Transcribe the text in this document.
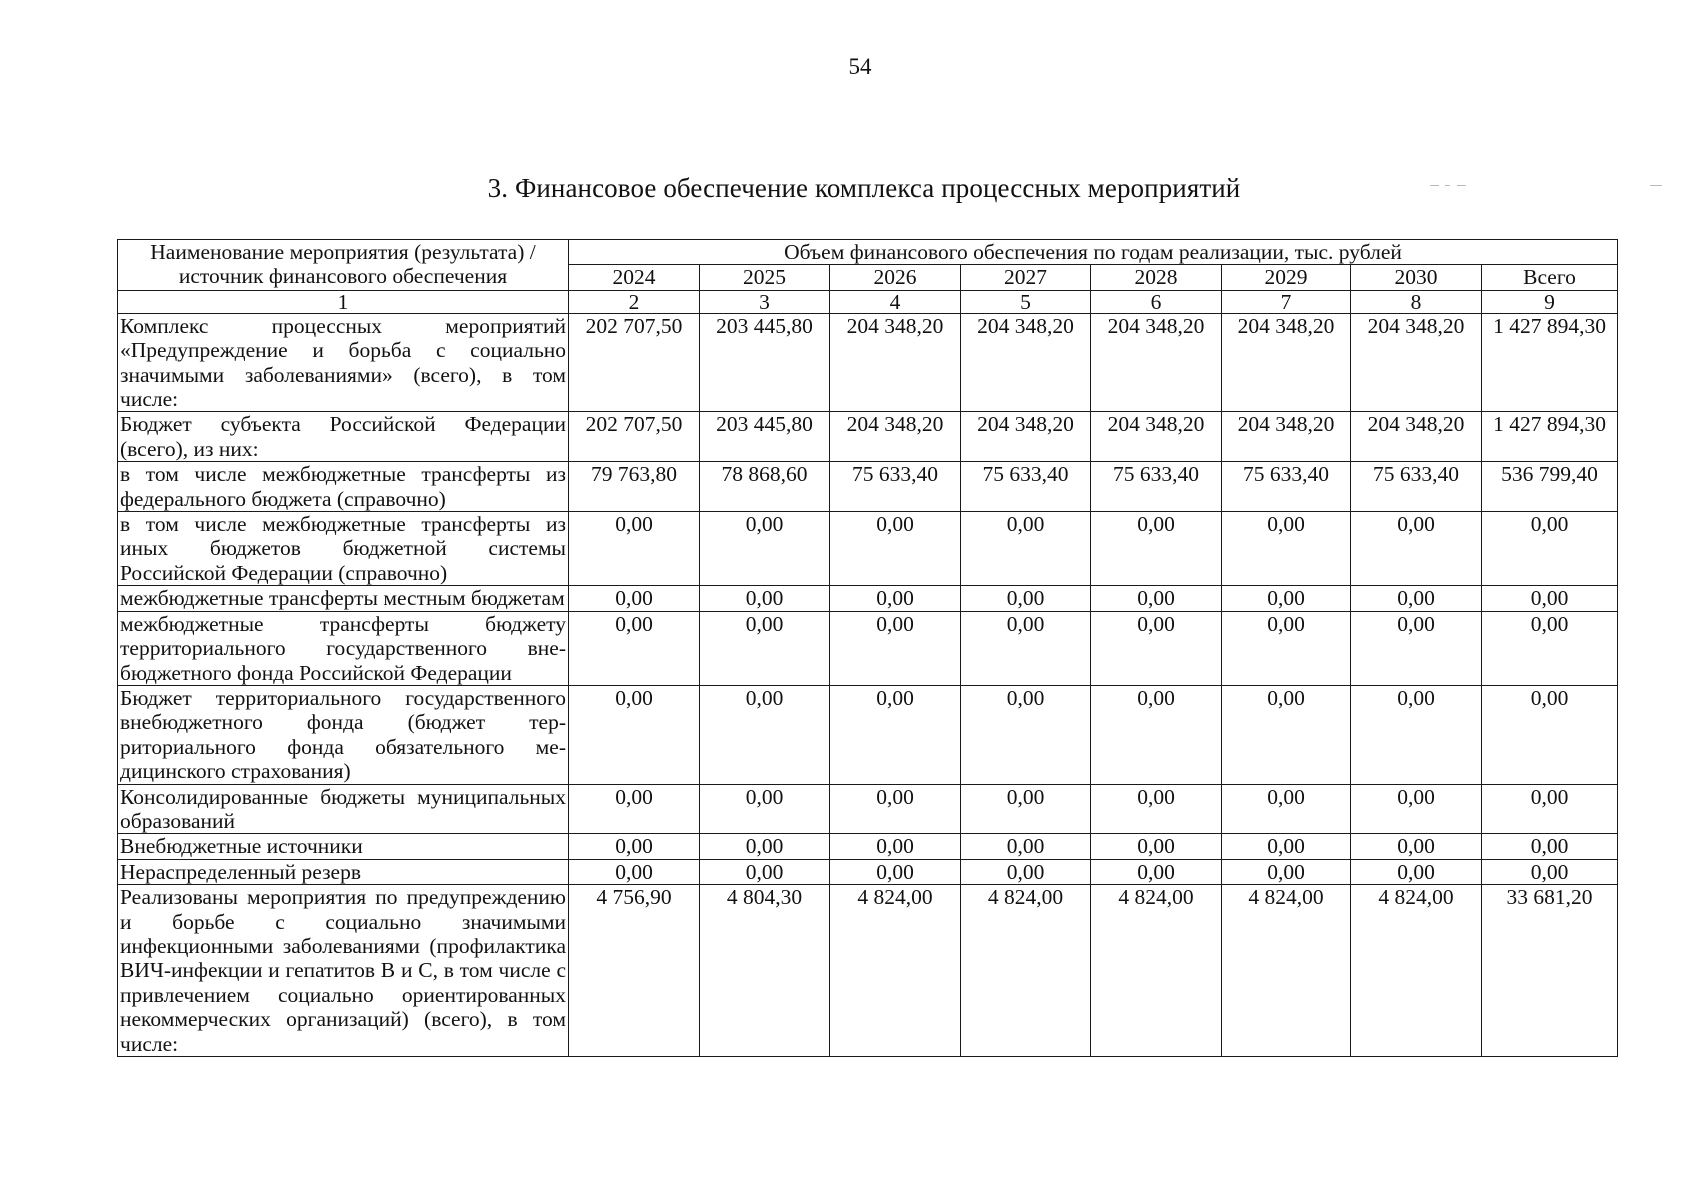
54
3. Финансовое обеспечение комплекса процессных мероприятий
Наименование мероприятия (результата) / источник финансового обеспечения	Объем финансового обеспечения по годам реализации, тыс. рублей							
	2024	2025	2026	2027	2028	2029	2030	Всего
1	2	3	4	5	6	7	8	9
Комплекс процессных мероприятий «Предупреждение и борьба с социально значимыми заболеваниями» (всего), в том числе:	202 707,50	203 445,80	204 348,20	204 348,20	204 348,20	204 348,20	204 348,20	1 427 894,30
Бюджет субъекта Российской Федерации (всего), из них:	202 707,50	203 445,80	204 348,20	204 348,20	204 348,20	204 348,20	204 348,20	1 427 894,30
в том числе межбюджетные трансферты из федерального бюджета (справочно)	79 763,80	78 868,60	75 633,40	75 633,40	75 633,40	75 633,40	75 633,40	536 799,40
в том числе межбюджетные трансферты из иных бюджетов бюджетной системы Российской Федерации (справочно)	0,00	0,00	0,00	0,00	0,00	0,00	0,00	0,00
межбюджетные трансферты местным бюджетам	0,00	0,00	0,00	0,00	0,00	0,00	0,00	0,00
межбюджетные трансферты бюджету территориального государственного внебюджетного фонда Российской Федерации	0,00	0,00	0,00	0,00	0,00	0,00	0,00	0,00
Бюджет территориального государственного внебюджетного фонда (бюджет территориального фонда обязательного медицинского страхования)	0,00	0,00	0,00	0,00	0,00	0,00	0,00	0,00
Консолидированные бюджеты муниципальных образований	0,00	0,00	0,00	0,00	0,00	0,00	0,00	0,00
Внебюджетные источники	0,00	0,00	0,00	0,00	0,00	0,00	0,00	0,00
Нераспределенный резерв	0,00	0,00	0,00	0,00	0,00	0,00	0,00	0,00
Реализованы мероприятия по предупреждению и борьбе с социально значимыми инфекционными заболеваниями (профилактика ВИЧ-инфекции и гепатитов В и С, в том числе с привлечением социально ориентированных некоммерческих организаций) (всего), в том числе:	4 756,90	4 804,30	4 824,00	4 824,00	4 824,00	4 824,00	4 824,00	33 681,20
